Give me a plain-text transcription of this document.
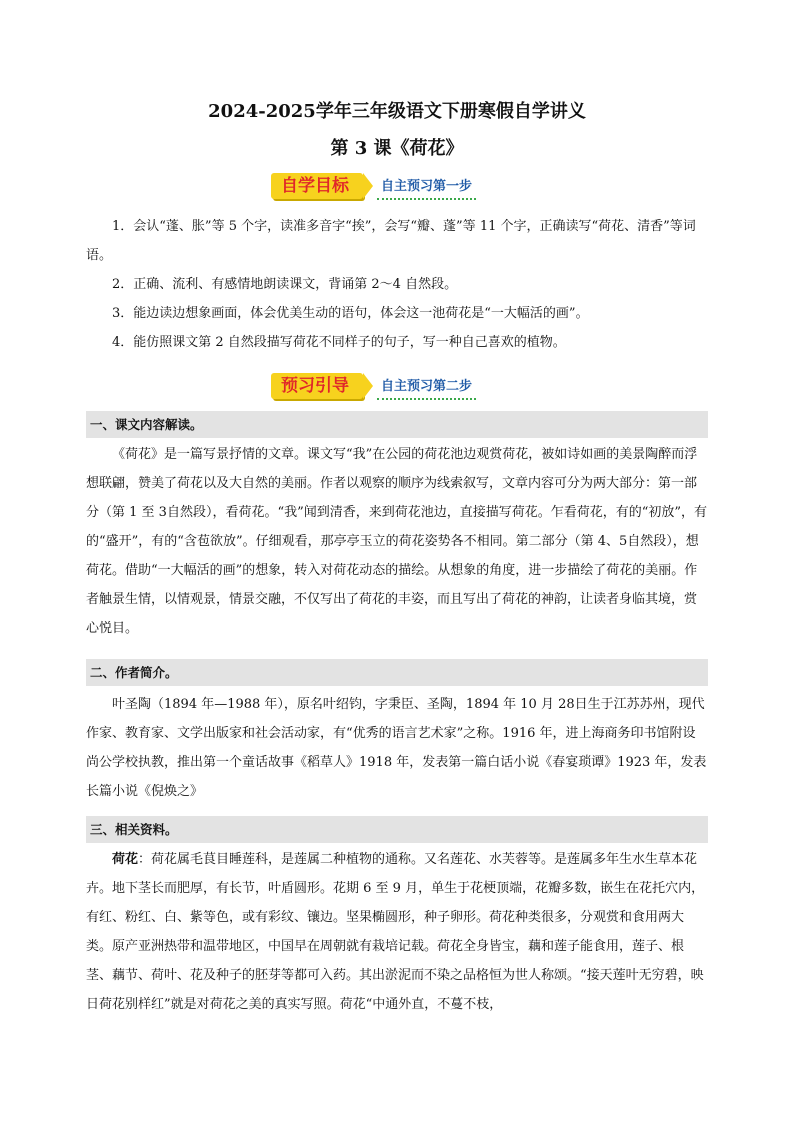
2024-2025学年三年级语文下册寒假自学讲义
第 3 课《荷花》
自学目标	自主预习第一步
1．会认“蓬、胀”等 5 个字，读准多音字“挨”，会写“瓣、蓬”等 11 个字，正确读写“荷花、清香”等词语。
2．正确、流利、有感情地朗读课文，背诵第 2～4 自然段。
3．能边读边想象画面，体会优美生动的语句，体会这一池荷花是“一大幅活的画”。
4．能仿照课文第 2 自然段描写荷花不同样子的句子，写一种自己喜欢的植物。
预习引导	自主预习第二步
一、课文内容解读。
《荷花》是一篇写景抒情的文章。课文写“我”在公园的荷花池边观赏荷花，被如诗如画的美景陶醉而浮想联翩，赞美了荷花以及大自然的美丽。作者以观察的顺序为线索叙写，文章内容可分为两大部分：第一部分（第 1 至 3自然段），看荷花。“我”闻到清香，来到荷花池边，直接描写荷花。乍看荷花，有的“初放”，有的“盛开”，有的“含苞欲放”。仔细观看，那亭亭玉立的荷花姿势各不相同。第二部分（第 4、5自然段），想荷花。借助“一大幅活的画”的想象，转入对荷花动态的描绘。从想象的角度，进一步描绘了荷花的美丽。作者触景生情，以情观景，情景交融，不仅写出了荷花的丰姿，而且写出了荷花的神韵，让读者身临其境，赏心悦目。
二、作者简介。
叶圣陶（1894 年—1988 年），原名叶绍钧，字秉臣、圣陶，1894 年 10 月 28日生于江苏苏州，现代作家、教育家、文学出版家和社会活动家，有“优秀的语言艺术家”之称。1916 年，进上海商务印书馆附设尚公学校执教，推出第一个童话故事《稻草人》1918 年，发表第一篇白话小说《春宴琐谭》1923 年，发表长篇小说《倪焕之》
三、相关资料。
荷花：荷花属毛茛目睡莲科，是莲属二种植物的通称。又名莲花、水芙蓉等。是莲属多年生水生草本花卉。地下茎长而肥厚，有长节，叶盾圆形。花期 6 至 9 月，单生于花梗顶端，花瓣多数，嵌生在花托穴内，有红、粉红、白、紫等色，或有彩纹、镶边。坚果椭圆形，种子卵形。荷花种类很多，分观赏和食用两大类。原产亚洲热带和温带地区，中国早在周朝就有栽培记载。荷花全身皆宝，藕和莲子能食用，莲子、根茎、藕节、荷叶、花及种子的胚芽等都可入药。其出淤泥而不染之品格恒为世人称颂。“接天莲叶无穷碧，映日荷花别样红”就是对荷花之美的真实写照。荷花“中通外直，不蔓不枝，
